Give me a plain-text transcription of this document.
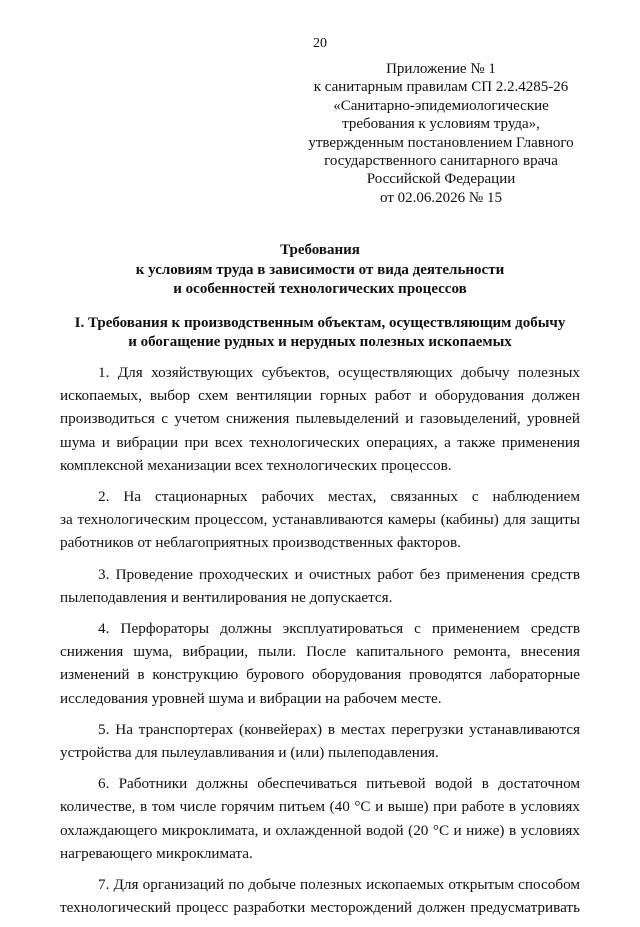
20
Приложение № 1
к санитарным правилам СП 2.2.4285-26
«Санитарно-эпидемиологические
требования к условиям труда»,
утвержденным постановлением Главного
государственного санитарного врача
Российской Федерации
от 02.06.2026 № 15
Требования
к условиям труда в зависимости от вида деятельности
и особенностей технологических процессов
I. Требования к производственным объектам, осуществляющим добычу
и обогащение рудных и нерудных полезных ископаемых
1. Для хозяйствующих субъектов, осуществляющих добычу полезных
ископаемых, выбор схем вентиляции горных работ и оборудования должен
производиться с учетом снижения пылевыделений и газовыделений, уровней
шума и вибрации при всех технологических операциях, а также применения
комплексной механизации всех технологических процессов.
2. На стационарных рабочих местах, связанных с наблюдением
за технологическим процессом, устанавливаются камеры (кабины) для защиты
работников от неблагоприятных производственных факторов.
3. Проведение проходческих и очистных работ без применения средств
пылеподавления и вентилирования не допускается.
4. Перфораторы должны эксплуатироваться с применением средств
снижения шума, вибрации, пыли. После капитального ремонта, внесения
изменений в конструкцию бурового оборудования проводятся лабораторные
исследования уровней шума и вибрации на рабочем месте.
5. На транспортерах (конвейерах) в местах перегрузки устанавливаются
устройства для пылеулавливания и (или) пылеподавления.
6. Работники должны обеспечиваться питьевой водой в достаточном
количестве, в том числе горячим питьем (40 °С и выше) при работе в условиях
охлаждающего микроклимата, и охлажденной водой (20 °С и ниже) в условиях
нагревающего микроклимата.
7. Для организаций по добыче полезных ископаемых открытым способом
технологический процесс разработки месторождений должен предусматривать
